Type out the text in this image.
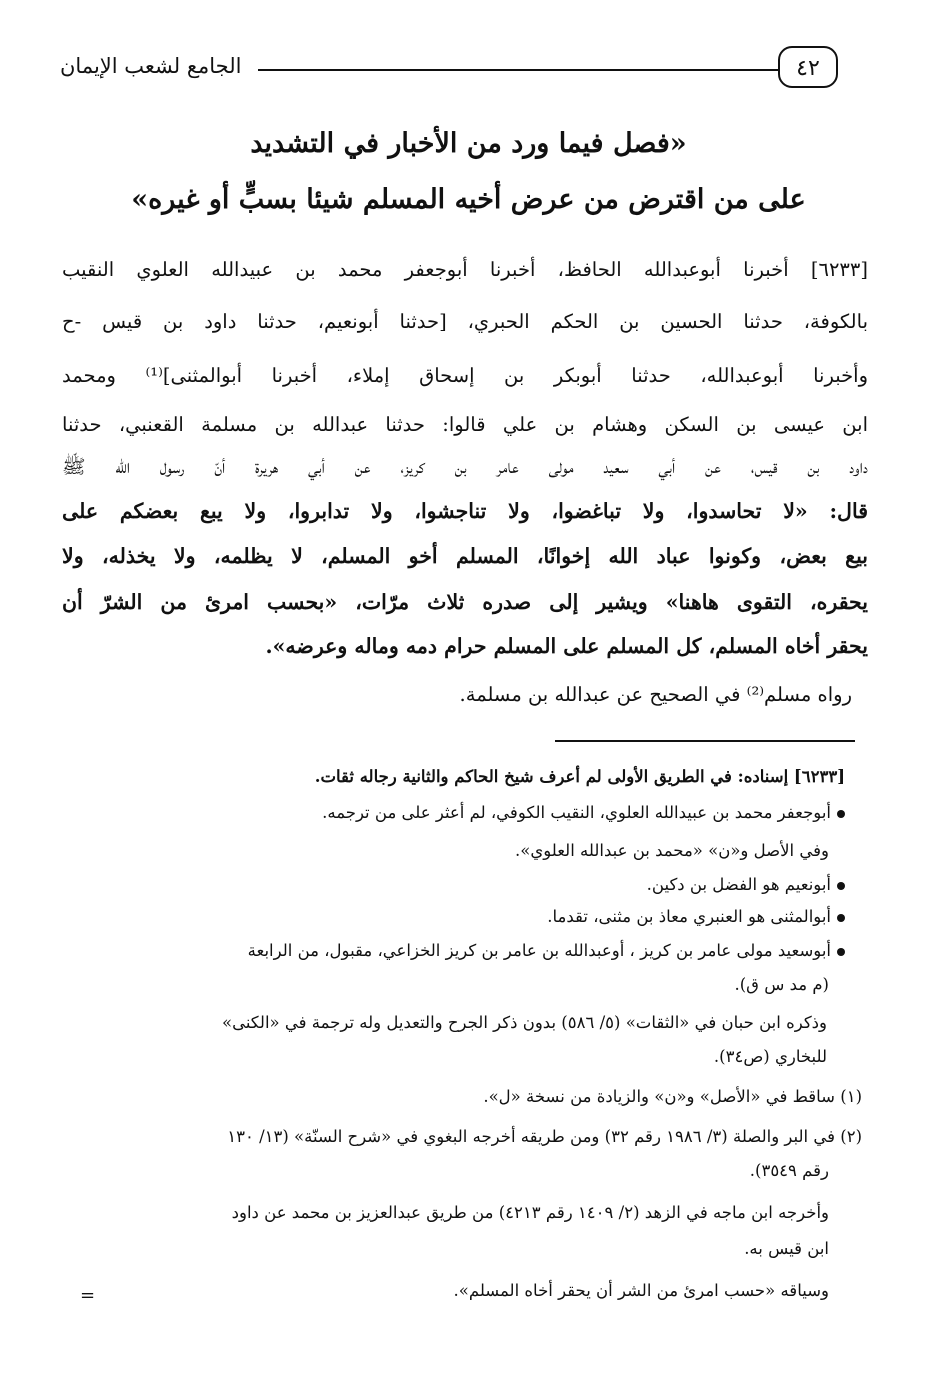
الجامع لشعب الإيمان	٤٢
«فصل فيما ورد من الأخبار في التشديد
على من اقترض من عرض أخيه المسلم شيئا بسبٍّ أو غيره»
[٦٢٣٣] أخبرنا أبوعبدالله الحافظ، أخبرنا أبوجعفر محمد بن عبيدالله العلوي النقيب
بالكوفة، حدثنا الحسين بن الحكم الحبري، [حدثنا أبونعيم، حدثنا داود بن قيس -ح
وأخبرنا أبوعبدالله، حدثنا أبوبكر بن إسحاق إملاء، أخبرنا أبوالمثنى]⁽¹⁾ ومحمد
ابن عيسى بن السكن وهشام بن علي قالوا: حدثنا عبدالله بن مسلمة القعنبي، حدثنا
داود بن قيس، عن أبي سعيد مولى عامر بن كريز، عن أبي هريرة أنّ رسول الله ﷺ
قال: «لا تحاسدوا، ولا تباغضوا، ولا تناجشوا، ولا تدابروا، ولا يبع بعضكم على
بيع بعض، وكونوا عباد الله إخوانًا، المسلم أخو المسلم، لا يظلمه، ولا يخذله، ولا
يحقره، التقوى هاهنا» ويشير إلى صدره ثلاث مرّات، «بحسب امرئ من الشرّ أن
يحقر أخاه المسلم، كل المسلم على المسلم حرام دمه وماله وعرضه».
رواه مسلم⁽²⁾ في الصحيح عن عبدالله بن مسلمة.
[٦٢٣٣] إسناده: في الطريق الأولى لم أعرف شيخ الحاكم والثانية رجاله ثقات.
أبوجعفر محمد بن عبيدالله العلوي، النقيب الكوفي، لم أعثر على من ترجمه.
وفي الأصل و«ن» «محمد بن عبدالله العلوي».
أبونعيم هو الفضل بن دكين.
أبوالمثنى هو العنبري معاذ بن مثنى، تقدما.
أبوسعيد مولى عامر بن كريز ، أوعبدالله بن عامر بن كريز الخزاعي، مقبول، من الرابعة
(م مد س ق).
وذكره ابن حبان في «الثقات» (٥/ ٥٨٦) بدون ذكر الجرح والتعديل وله ترجمة في «الكنى»
للبخاري (ص٣٤).
(١) ساقط في «الأصل» و«ن» والزيادة من نسخة «ل».
(٢) في البر والصلة (٣/ ١٩٨٦ رقم ٣٢) ومن طريقه أخرجه البغوي في «شرح السنّة» (١٣/ ١٣٠
رقم ٣٥٤٩).
وأخرجه ابن ماجه في الزهد (٢/ ١٤٠٩ رقم ٤٢١٣) من طريق عبدالعزيز بن محمد عن داود
ابن قيس به.
وسياقه «حسب امرئ من الشر أن يحقر أخاه المسلم».
=
